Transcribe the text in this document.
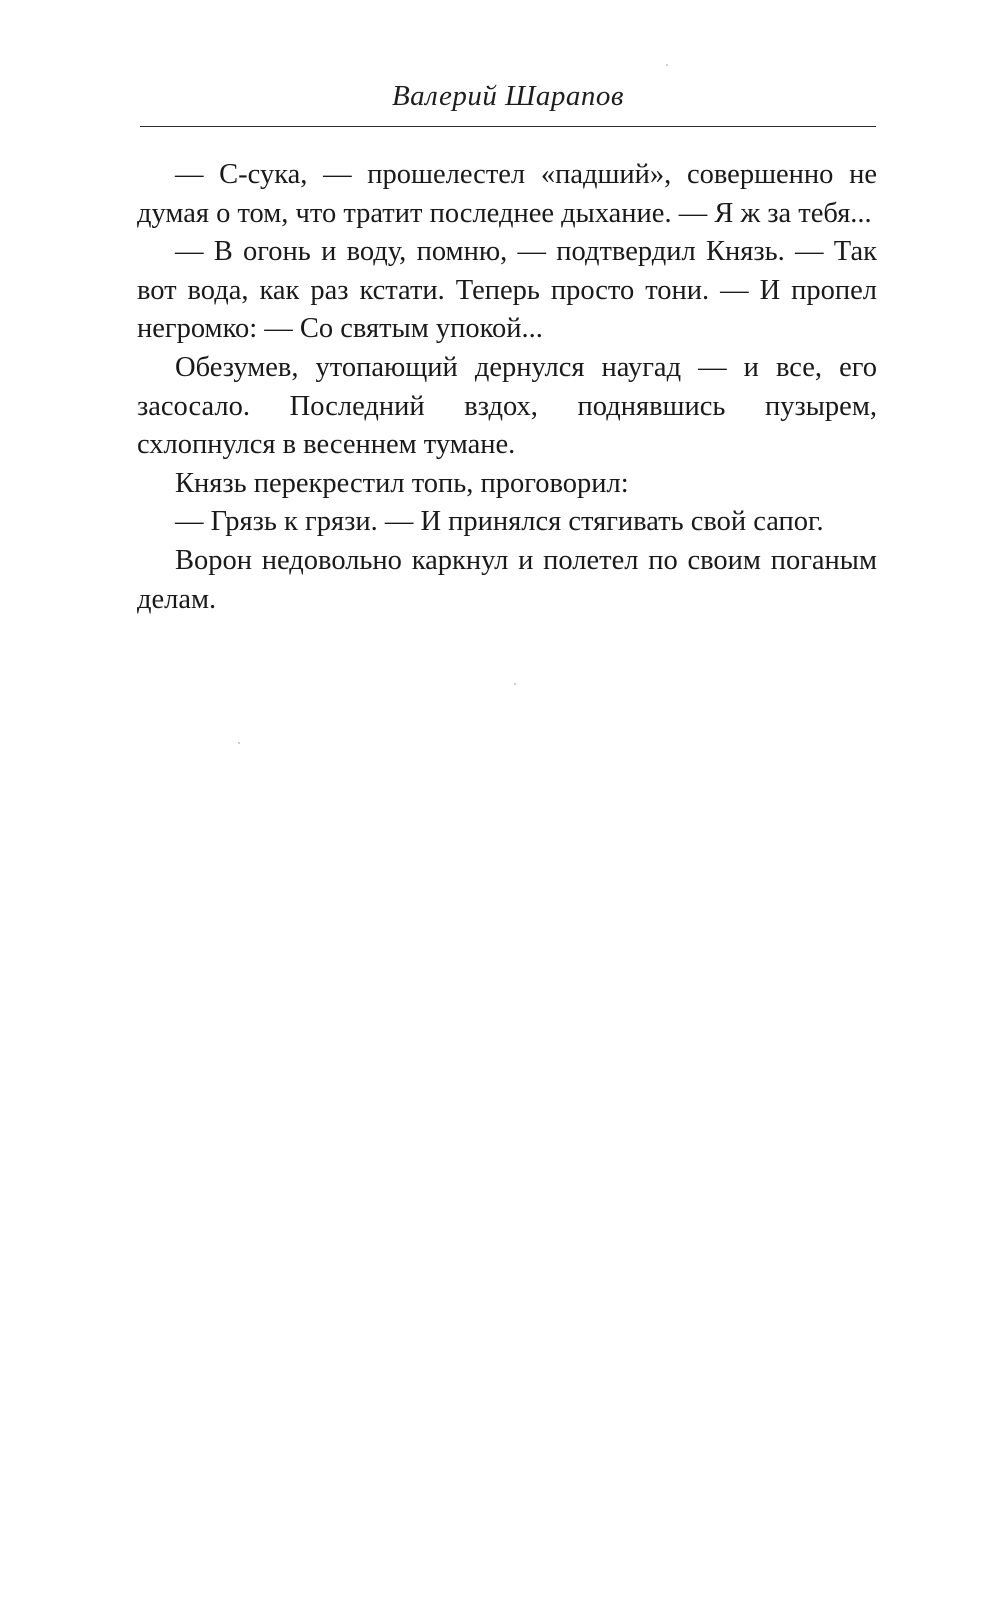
Валерий Шарапов

— С-сука, — прошелестел «падший», совершенно не думая о том, что тратит последнее дыхание. — Я ж за тебя...

— В огонь и воду, помню, — подтвердил Князь. — Так вот вода, как раз кстати. Теперь просто тони. — И пропел негромко: — Со святым упокой...

Обезумев, утопающий дернулся наугад — и все, его засосало. Последний вздох, поднявшись пузырем, схлопнулся в весеннем тумане.

Князь перекрестил топь, проговорил:

— Грязь к грязи. — И принялся стягивать свой сапог.

Ворон недовольно каркнул и полетел по своим поганым делам.
